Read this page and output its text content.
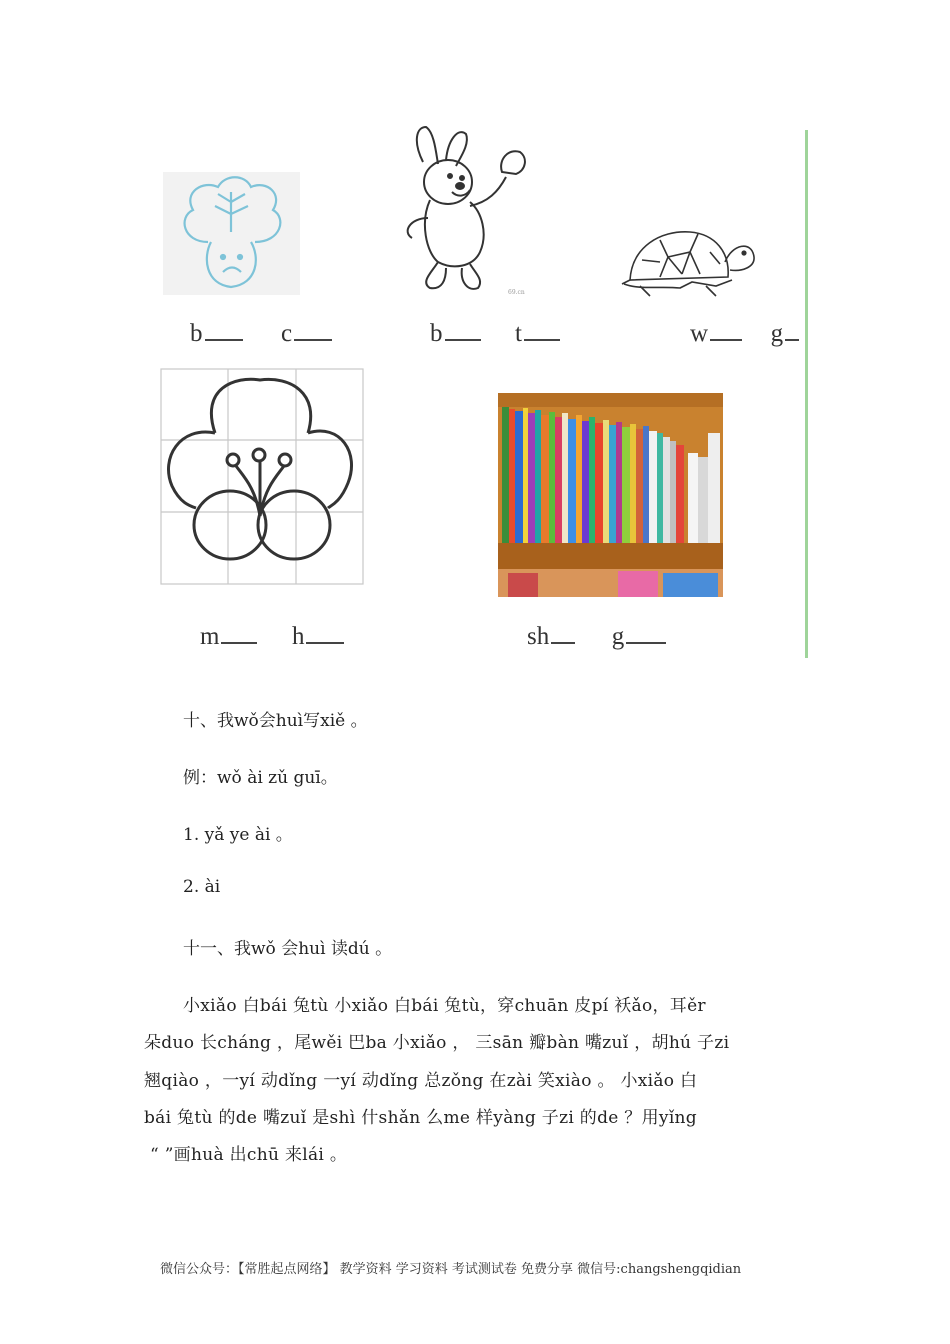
69.cn
b	c	b	t	w	g
m	h	sh	g
十、我wǒ会huì写xiě 。
例：wǒ ài zǔ guī。
1. yǎ ye ài 。
2. ài
十一、我wǒ 会huì 读dú 。
小xiǎo 白bái 兔tù 小xiǎo 白bái 兔tù，穿chuān 皮pí 袄ǎo，耳ěr
朵duo 长cháng ，尾wěi 巴ba 小xiǎo ， 三sān 瓣bàn 嘴zuǐ ，胡hú 子zi
翘qiào ，一yí 动dǐng 一yí 动dǐng 总zǒng 在zài 笑xiào 。 小xiǎo 白
bái 兔tù 的de 嘴zuǐ 是shì 什shǎn 么me 样yàng 子zi 的de ？用yǐng
“ ”画huà 出chū 来lái 。
微信公众号：【常胜起点网络】 教学资料 学习资料 考试测试卷 免费分享 微信号:changshengqidian
